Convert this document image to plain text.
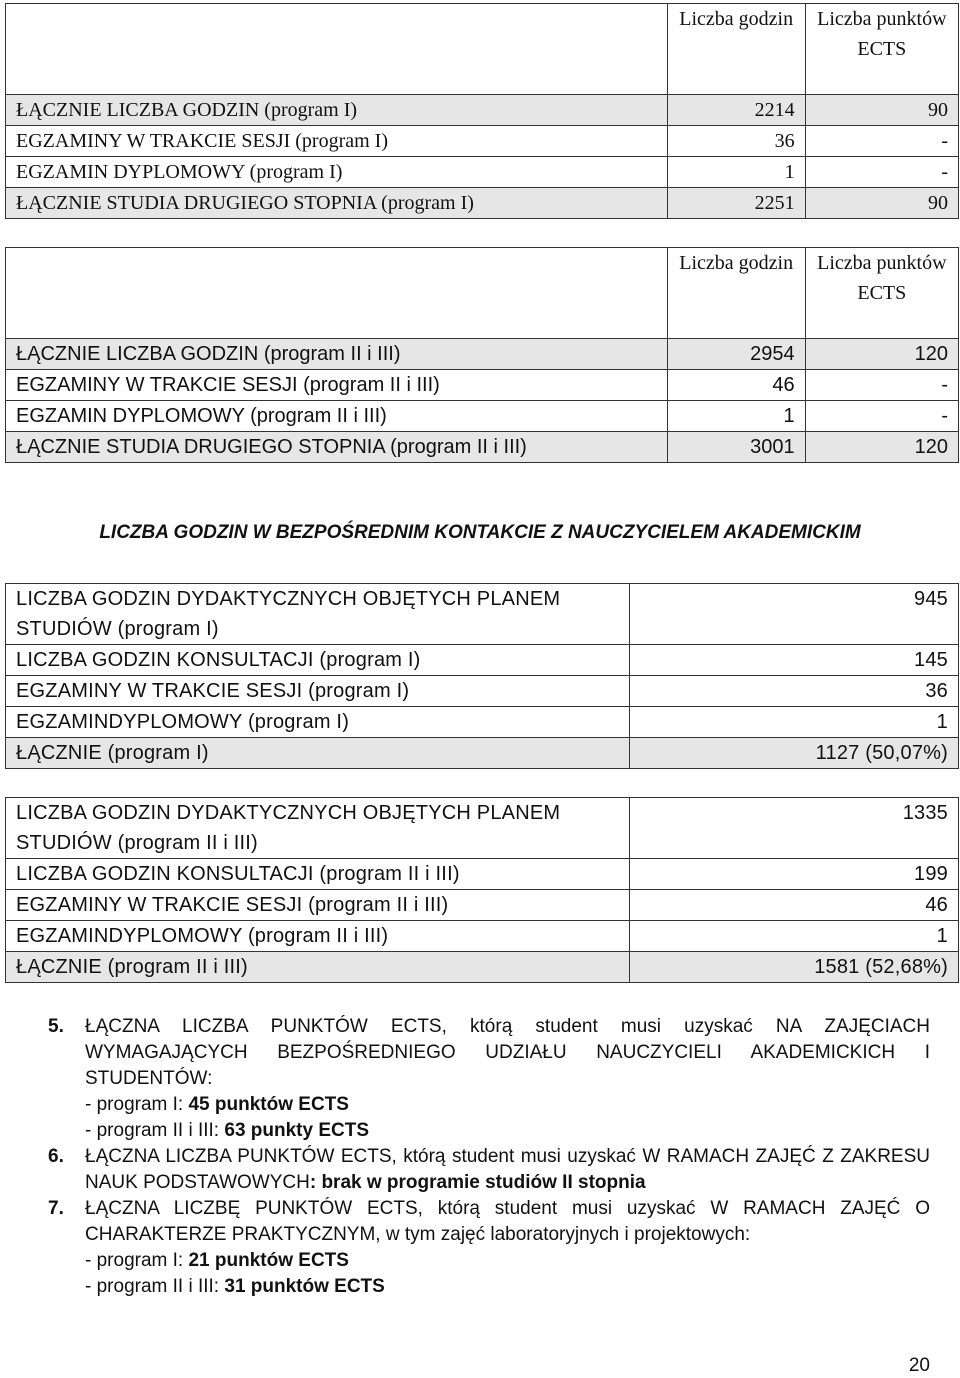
	Liczba godzin	Liczba punktów ECTS
ŁĄCZNIE LICZBA GODZIN (program I)	2214	90
EGZAMINY W TRAKCIE SESJI (program I)	36	-
EGZAMIN DYPLOMOWY (program I)	1	-
ŁĄCZNIE STUDIA DRUGIEGO STOPNIA (program I)	2251	90
	Liczba godzin	Liczba punktów ECTS
ŁĄCZNIE LICZBA GODZIN (program II i III)	2954	120
EGZAMINY W TRAKCIE SESJI (program II i III)	46	-
EGZAMIN DYPLOMOWY (program II i III)	1	-
ŁĄCZNIE STUDIA DRUGIEGO STOPNIA (program II i III)	3001	120
LICZBA GODZIN W BEZPOŚREDNIM KONTAKCIE Z NAUCZYCIELEM AKADEMICKIM
LICZBA GODZIN DYDAKTYCZNYCH OBJĘTYCH PLANEM STUDIÓW (program I)	945
LICZBA GODZIN KONSULTACJI (program I)	145
EGZAMINY W TRAKCIE SESJI (program I)	36
EGZAMINDYPLOMOWY (program I)	1
ŁĄCZNIE (program I)	1127 (50,07%)
LICZBA GODZIN DYDAKTYCZNYCH OBJĘTYCH PLANEM STUDIÓW (program II i III)	1335
LICZBA GODZIN KONSULTACJI (program II i III)	199
EGZAMINY W TRAKCIE SESJI (program II i III)	46
EGZAMINDYPLOMOWY (program II i III)	1
ŁĄCZNIE (program II i III)	1581 (52,68%)
5.	ŁĄCZNA LICZBA PUNKTÓW ECTS, którą student musi uzyskać NA ZAJĘCIACH WYMAGAJĄCYCH BEZPOŚREDNIEGO UDZIAŁU NAUCZYCIELI AKADEMICKICH I STUDENTÓW:
- program I: 45 punktów ECTS
- program II i III: 63 punkty ECTS
6.	ŁĄCZNA LICZBA PUNKTÓW ECTS, którą student musi uzyskać W RAMACH ZAJĘĆ Z ZAKRESU NAUK PODSTAWOWYCH: brak w programie studiów II stopnia
7.	ŁĄCZNA LICZBĘ PUNKTÓW ECTS, którą student musi uzyskać W RAMACH ZAJĘĆ O CHARAKTERZE PRAKTYCZNYM, w tym zajęć laboratoryjnych i projektowych:
- program I: 21 punktów ECTS
- program II i III: 31 punktów ECTS
20
